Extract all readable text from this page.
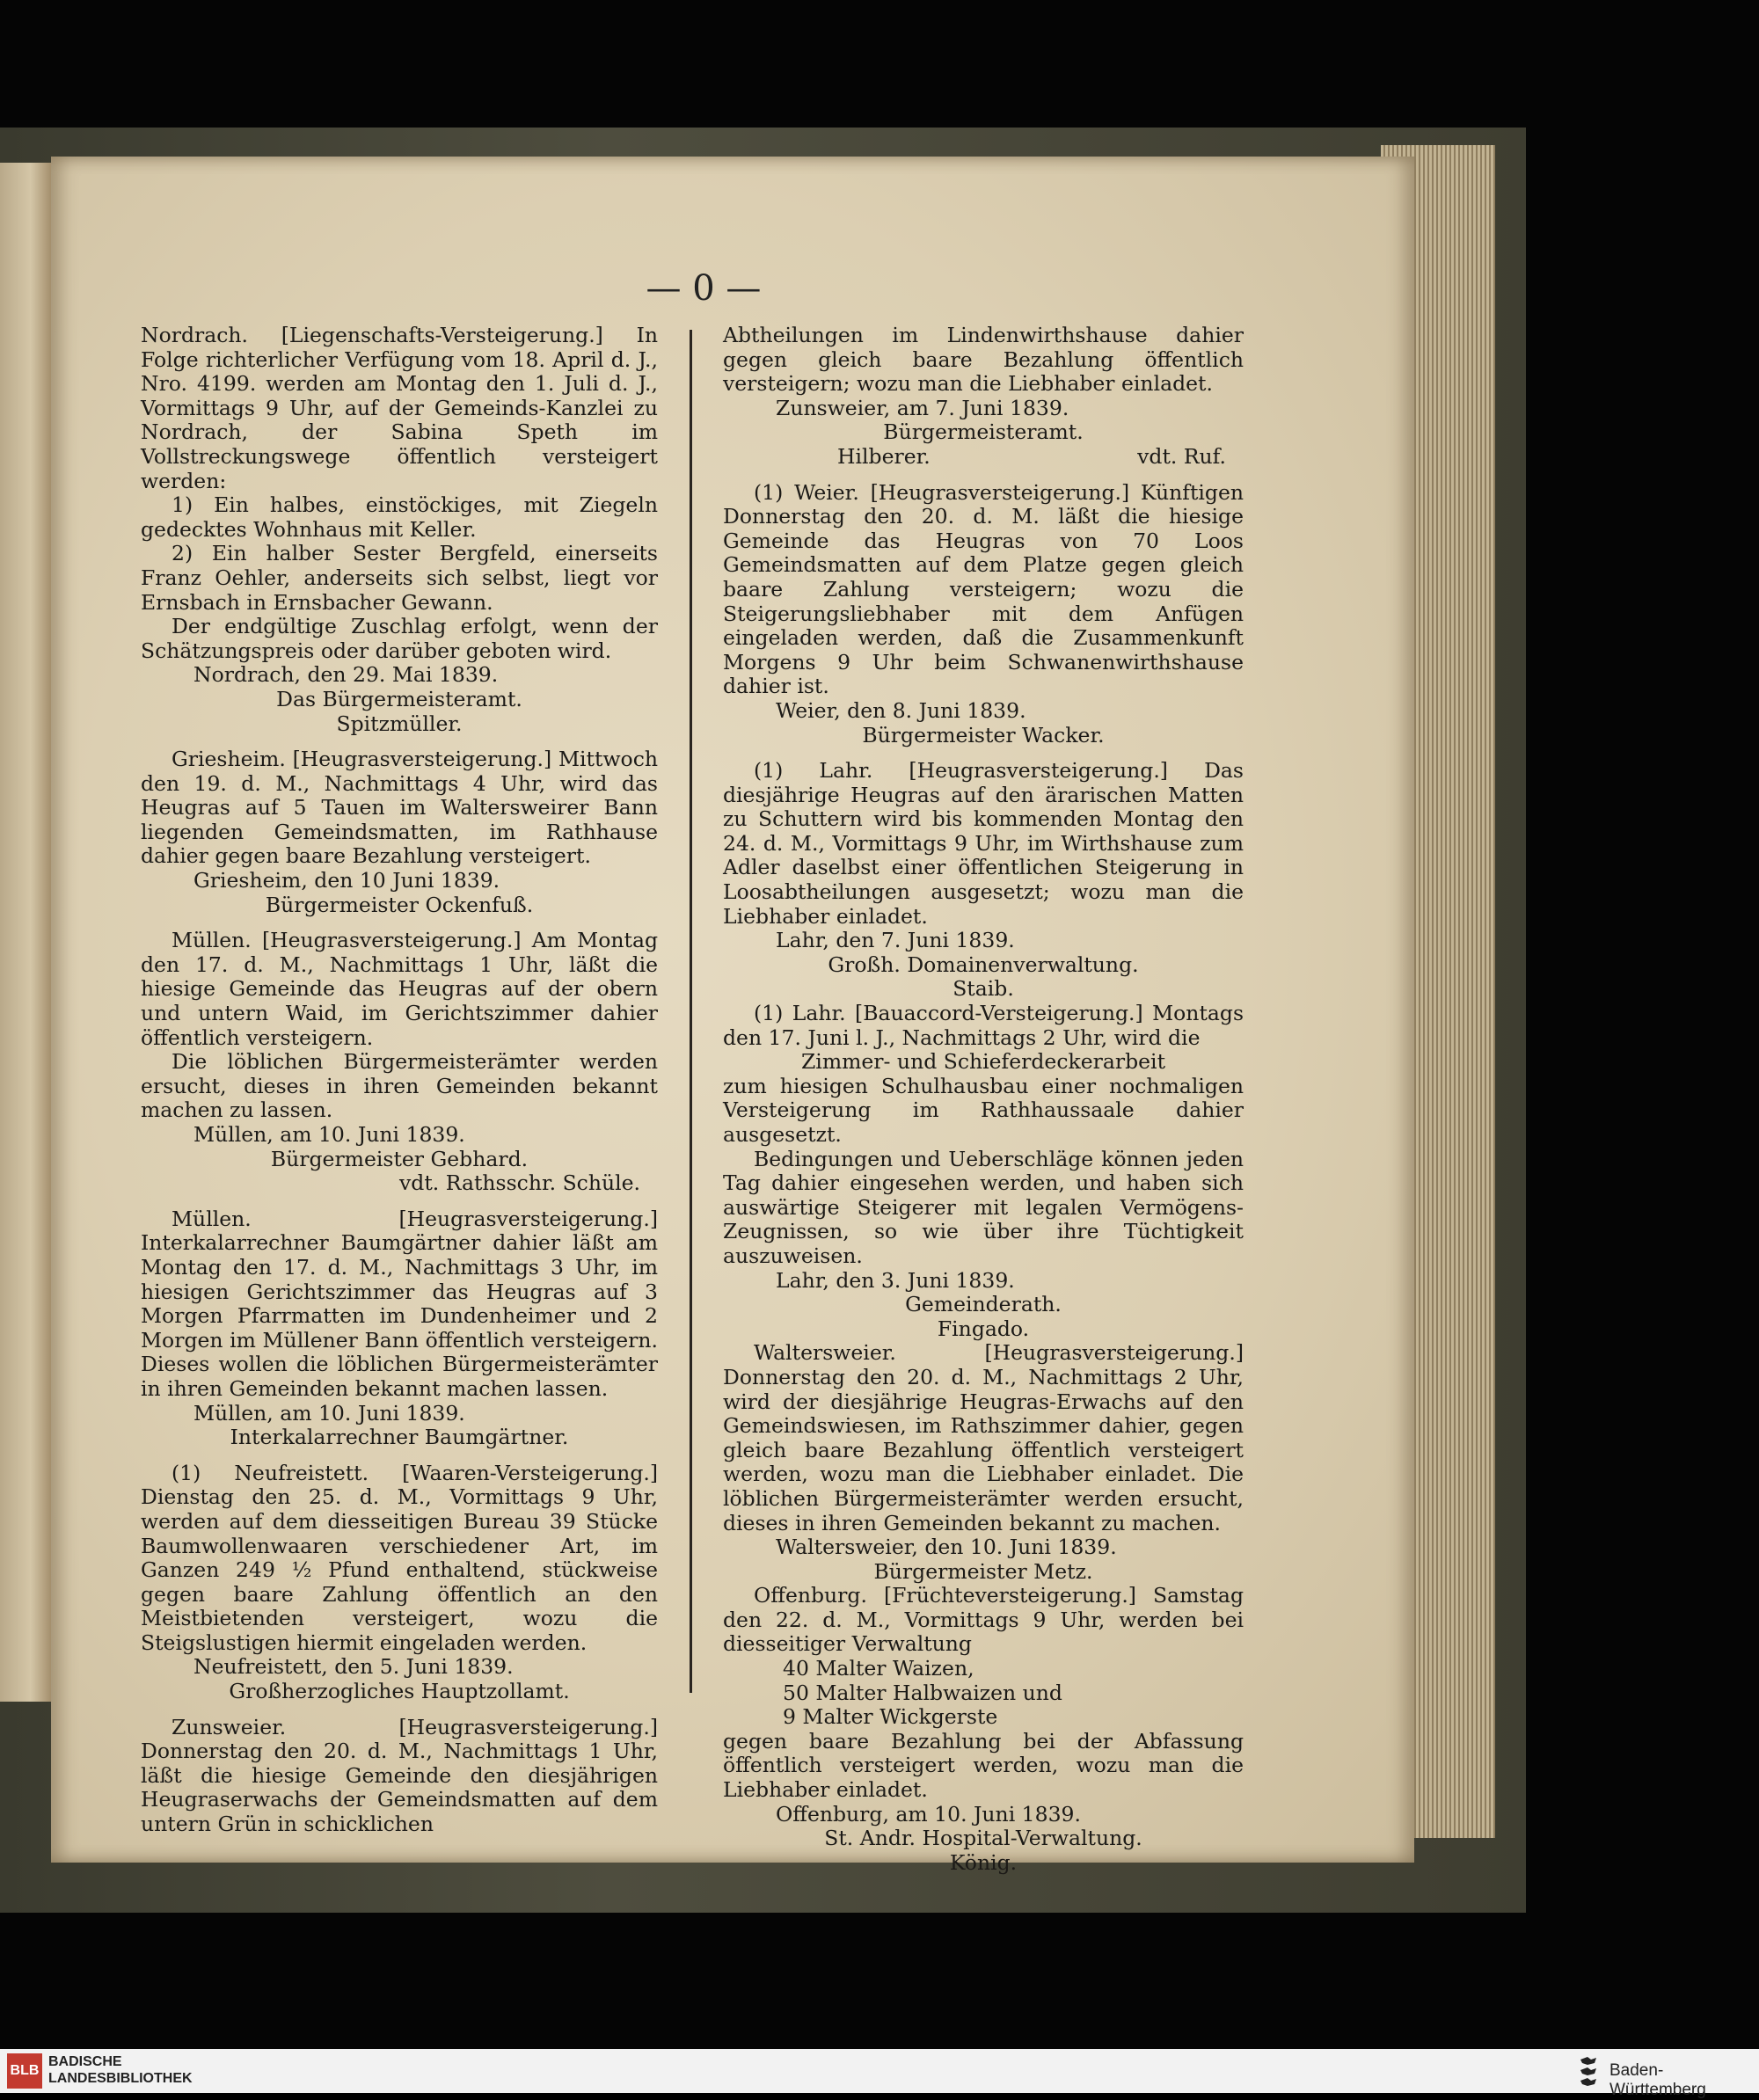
— 0 —

Nordrach. [Liegenschafts-Versteigerung.] In Folge richterlicher Verfügung vom 18. April d. J., Nro. 4199. werden am Montag den 1. Juli d. J., Vormittags 9 Uhr, auf der Gemeinds-Kanzlei zu Nordrach, der Sabina Speth im Vollstreckungswege öffentlich versteigert werden:

1) Ein halbes, einstöckiges, mit Ziegeln gedecktes Wohnhaus mit Keller.

2) Ein halber Sester Bergfeld, einerseits Franz Oehler, anderseits sich selbst, liegt vor Ernsbach in Ernsbacher Gewann.

Der endgültige Zuschlag erfolgt, wenn der Schätzungspreis oder darüber geboten wird.

Nordrach, den 29. Mai 1839.

Das Bürgermeisteramt.

Spitzmüller.

Griesheim. [Heugrasversteigerung.] Mittwoch den 19. d. M., Nachmittags 4 Uhr, wird das Heugras auf 5 Tauen im Waltersweirer Bann liegenden Gemeindsmatten, im Rathhause dahier gegen baare Bezahlung versteigert.

Griesheim, den 10 Juni 1839.

Bürgermeister Ockenfuß.

Müllen. [Heugrasversteigerung.] Am Montag den 17. d. M., Nachmittags 1 Uhr, läßt die hiesige Gemeinde das Heugras auf der obern und untern Waid, im Gerichtszimmer dahier öffentlich versteigern.

Die löblichen Bürgermeisterämter werden ersucht, dieses in ihren Gemeinden bekannt machen zu lassen.

Müllen, am 10. Juni 1839.

Bürgermeister Gebhard.

vdt. Rathsschr. Schüle.

Müllen. [Heugrasversteigerung.] Interkalarrechner Baumgärtner dahier läßt am Montag den 17. d. M., Nachmittags 3 Uhr, im hiesigen Gerichtszimmer das Heugras auf 3 Morgen Pfarrmatten im Dundenheimer und 2 Morgen im Müllener Bann öffentlich versteigern. Dieses wollen die löblichen Bürgermeisterämter in ihren Gemeinden bekannt machen lassen.

Müllen, am 10. Juni 1839.

Interkalarrechner Baumgärtner.

(1) Neufreistett. [Waaren-Versteigerung.] Dienstag den 25. d. M., Vormittags 9 Uhr, werden auf dem diesseitigen Bureau 39 Stücke Baumwollenwaaren verschiedener Art, im Ganzen 249 ½ Pfund enthaltend, stückweise gegen baare Zahlung öffentlich an den Meistbietenden versteigert, wozu die Steigslustigen hiermit eingeladen werden.

Neufreistett, den 5. Juni 1839.

Großherzogliches Hauptzollamt.

Zunsweier. [Heugrasversteigerung.] Donnerstag den 20. d. M., Nachmittags 1 Uhr, läßt die hiesige Gemeinde den diesjährigen Heugraserwachs der Gemeindsmatten auf dem untern Grün in schicklichen

Abtheilungen im Lindenwirthshause dahier gegen gleich baare Bezahlung öffentlich versteigern; wozu man die Liebhaber einladet.

Zunsweier, am 7. Juni 1839.

Bürgermeisteramt.

Hilberer.	vdt. Ruf.

(1) Weier. [Heugrasversteigerung.] Künftigen Donnerstag den 20. d. M. läßt die hiesige Gemeinde das Heugras von 70 Loos Gemeindsmatten auf dem Platze gegen gleich baare Zahlung versteigern; wozu die Steigerungsliebhaber mit dem Anfügen eingeladen werden, daß die Zusammenkunft Morgens 9 Uhr beim Schwanenwirthshause dahier ist.

Weier, den 8. Juni 1839.

Bürgermeister Wacker.

(1) Lahr. [Heugrasversteigerung.] Das diesjährige Heugras auf den ärarischen Matten zu Schuttern wird bis kommenden Montag den 24. d. M., Vormittags 9 Uhr, im Wirthshause zum Adler daselbst einer öffentlichen Steigerung in Loosabtheilungen ausgesetzt; wozu man die Liebhaber einladet.

Lahr, den 7. Juni 1839.

Großh. Domainenverwaltung.

Staib.

(1) Lahr. [Bauaccord-Versteigerung.] Montags den 17. Juni l. J., Nachmittags 2 Uhr, wird die

Zimmer- und Schieferdeckerarbeit

zum hiesigen Schulhausbau einer nochmaligen Versteigerung im Rathhaussaale dahier ausgesetzt.

Bedingungen und Ueberschläge können jeden Tag dahier eingesehen werden, und haben sich auswärtige Steigerer mit legalen Vermögens-Zeugnissen, so wie über ihre Tüchtigkeit auszuweisen.

Lahr, den 3. Juni 1839.

Gemeinderath.

Fingado.

Waltersweier. [Heugrasversteigerung.] Donnerstag den 20. d. M., Nachmittags 2 Uhr, wird der diesjährige Heugras-Erwachs auf den Gemeindswiesen, im Rathszimmer dahier, gegen gleich baare Bezahlung öffentlich versteigert werden, wozu man die Liebhaber einladet. Die löblichen Bürgermeisterämter werden ersucht, dieses in ihren Gemeinden bekannt zu machen.

Waltersweier, den 10. Juni 1839.

Bürgermeister Metz.

Offenburg. [Früchteversteigerung.] Samstag den 22. d. M., Vormittags 9 Uhr, werden bei diesseitiger Verwaltung

40 Malter Waizen,

50 Malter Halbwaizen und

9 Malter Wickgerste

gegen baare Bezahlung bei der Abfassung öffentlich versteigert werden, wozu man die Liebhaber einladet.

Offenburg, am 10. Juni 1839.

St. Andr. Hospital-Verwaltung.

König.

BLB
BADISCHE
LANDESBIBLIOTHEK	Baden-Württemberg
